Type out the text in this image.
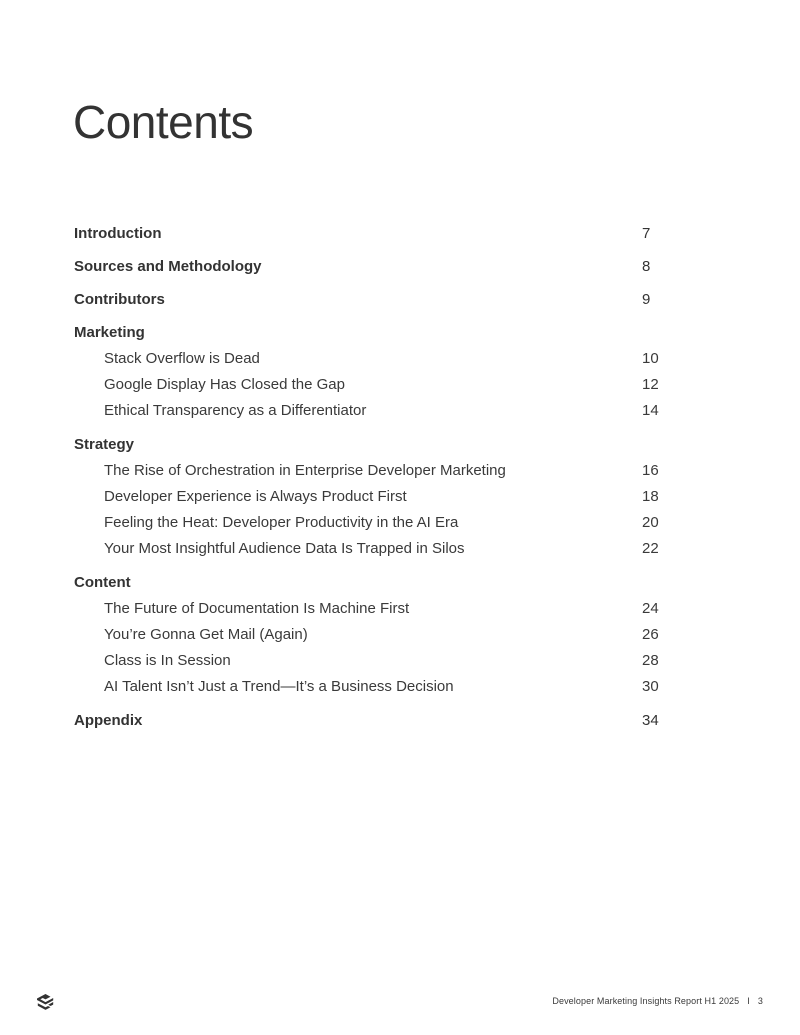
Contents
Introduction	7
Sources and Methodology	8
Contributors	9
Marketing
Stack Overflow is Dead	10
Google Display Has Closed the Gap	12
Ethical Transparency as a Differentiator	14
Strategy
The Rise of Orchestration in Enterprise Developer Marketing	16
Developer Experience is Always Product First	18
Feeling the Heat: Developer Productivity in the AI Era	20
Your Most Insightful Audience Data Is Trapped in Silos	22
Content
The Future of Documentation Is Machine First	24
You’re Gonna Get Mail (Again)	26
Class is In Session	28
AI Talent Isn’t Just a Trend—It’s a Business Decision	30
Appendix	34
Developer Marketing Insights Report H1 2025 I 3
